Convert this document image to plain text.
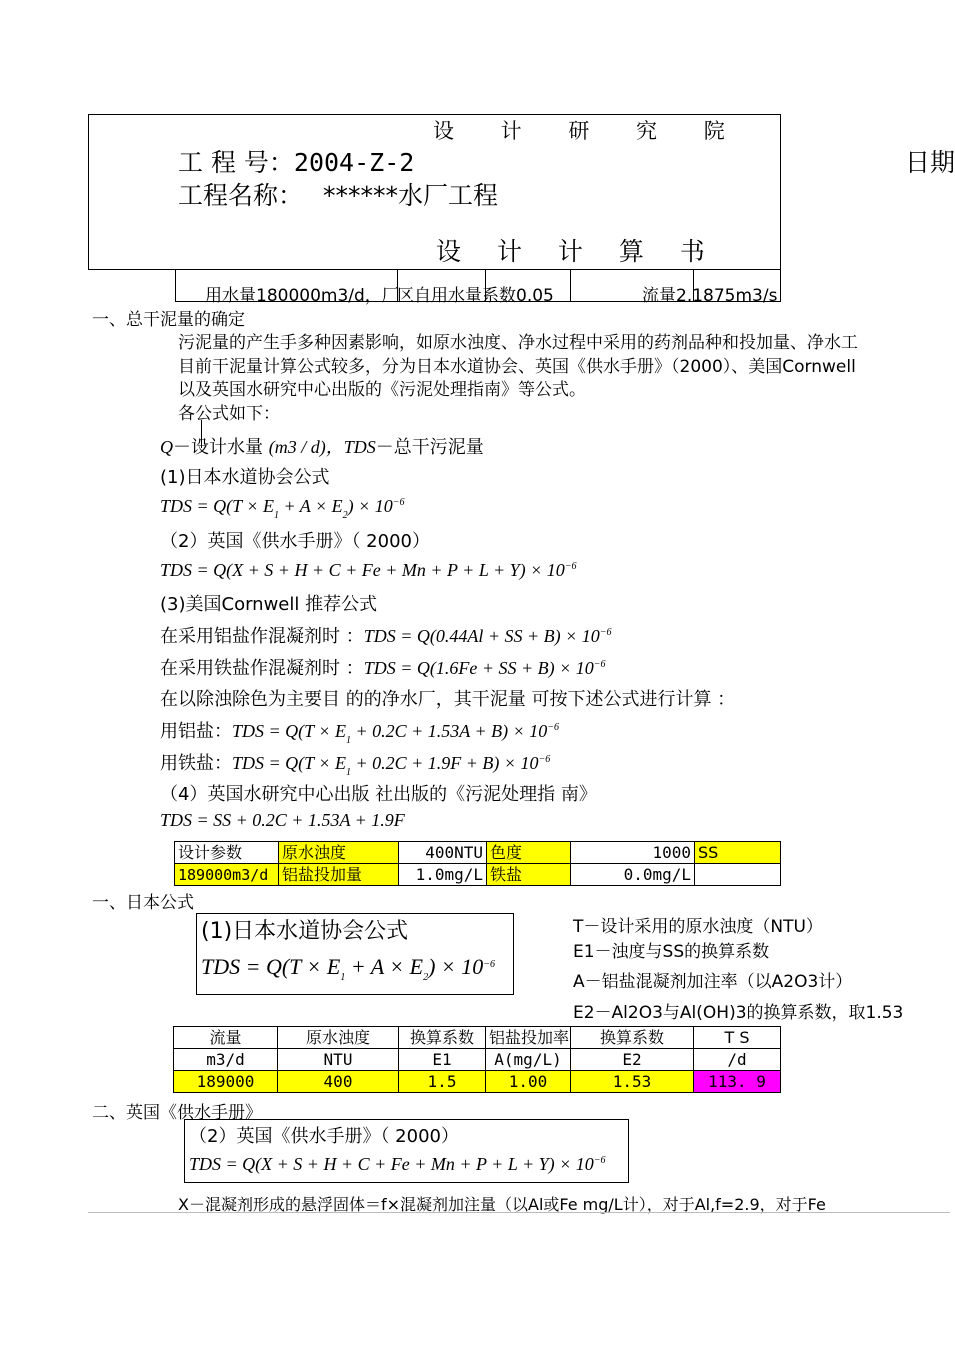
设 计 研 究 院
工 程 号：2004-Z-2	日期
工程名称： ******水厂工程
设 计 计 算 书
用水量180000m3/d，厂
区自用水量系数0.05	流量2.1875m3/s
一、总干泥量的确定
污泥量的产生手多种因素影响，如原水浊度、净水过程中采用的药剂品种和投加量、净水工
目前干泥量计算公式较多，分为日本水道协会、英国《供水手册》（2000）、美国Cornwell
以及英国水研究中心出版的《污泥处理指南》等公式。
各公式如下：
Q－设计水量 (m3 / d)，TDS－总干污泥量
(1)日本水道协会公式
TDS = $Q(T \times E_1 + A \times E_2) \times 10^{-6}$
（2）英国《供水手册》（ 2000）
TDS = $Q(X + S + H + C + Fe + Mn + P + L + Y) \times 10^{-6}$
(3)美国Cornwell 推荐公式
在采用铝盐作混凝剂时 ：TDS = Q(0.44Al + SS + $B) \times 10^{-6}$
在采用铁盐作混凝剂时 ：TDS = Q(1.6Fe + SS + $B) \times 10^{-6}$
在以除浊除色为主要目 的的净水厂，其干泥量 可按下述公式进行计算 ：
用铝盐：TDS = $Q(T \times E_1 + 0.2C + 1.53A + B) \times 10^{-6}$
用铁盐：TDS = $Q(T \times E_1 + 0.2C + 1.9F + B) \times 10^{-6}$
（4）英国水研究中心出版 社出版的《污泥处理指 南》
TDS = SS + 0.2C + 1.53A + 1.9F
设计参数	原水浊度	400NTU	色度	1000	SS
189000m3/d	铝盐投加量	1.0mg/L	铁盐	0.0mg/L	
一、日本公式
(1)日本水道协会公式
TDS = $Q(T \times E_1 + A \times E_2) \times 10^{-6}$
T－设计采用的原水浊度（NTU）
E1－浊度与SS的换算系数
A－铝盐混凝剂加注率（以A2O3计）
E2－Al2O3与Al(OH)3的换算系数，取1.53
流量	原水浊度	换算系数	铝盐投加率	换算系数	T S
m3/d	NTU	E1	A(mg/L)	E2	/d
189000	400	1.5	1.00	1.53	113. 9
二、英国《供水手册》
（2）英国《供水手册》（ 2000）
TDS = $Q(X + S + H + C + Fe + Mn + P + L + Y) \times 10^{-6}$
X－混凝剂形成的悬浮固体＝f×混凝剂加注量（以Al或Fe mg/L计），对于Al,f=2.9，对于Fe
